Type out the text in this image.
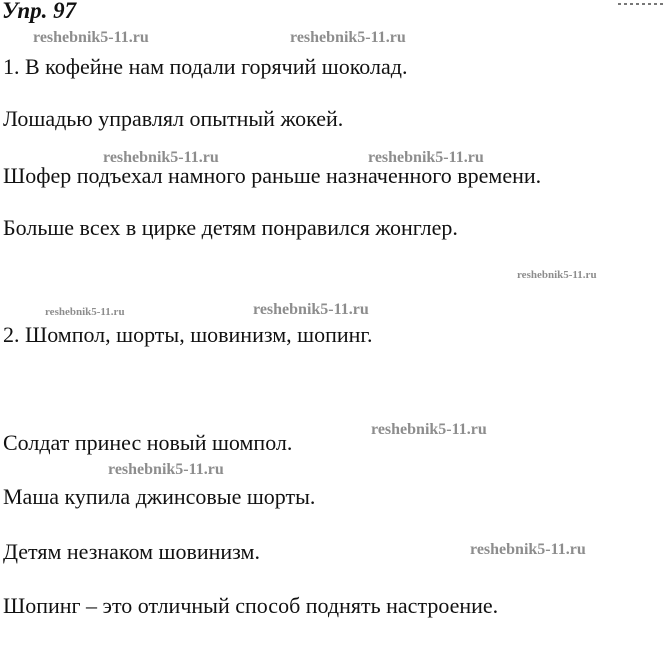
Упр. 97
1. В кофейне нам подали горячий шоколад.
Лошадью управлял опытный жокей.
Шофер подъехал намного раньше назначенного времени.
Больше всех в цирке детям понравился жонглер.
2. Шомпол, шорты, шовинизм, шопинг.
Солдат принес новый шомпол.
Маша купила джинсовые шорты.
Детям незнаком шовинизм.
Шопинг – это отличный способ поднять настроение.
reshebnik5-11.ru	reshebnik5-11.ru
reshebnik5-11.ru	reshebnik5-11.ru
reshebnik5-11.ru
reshebnik5-11.ru	reshebnik5-11.ru
reshebnik5-11.ru
reshebnik5-11.ru
reshebnik5-11.ru
